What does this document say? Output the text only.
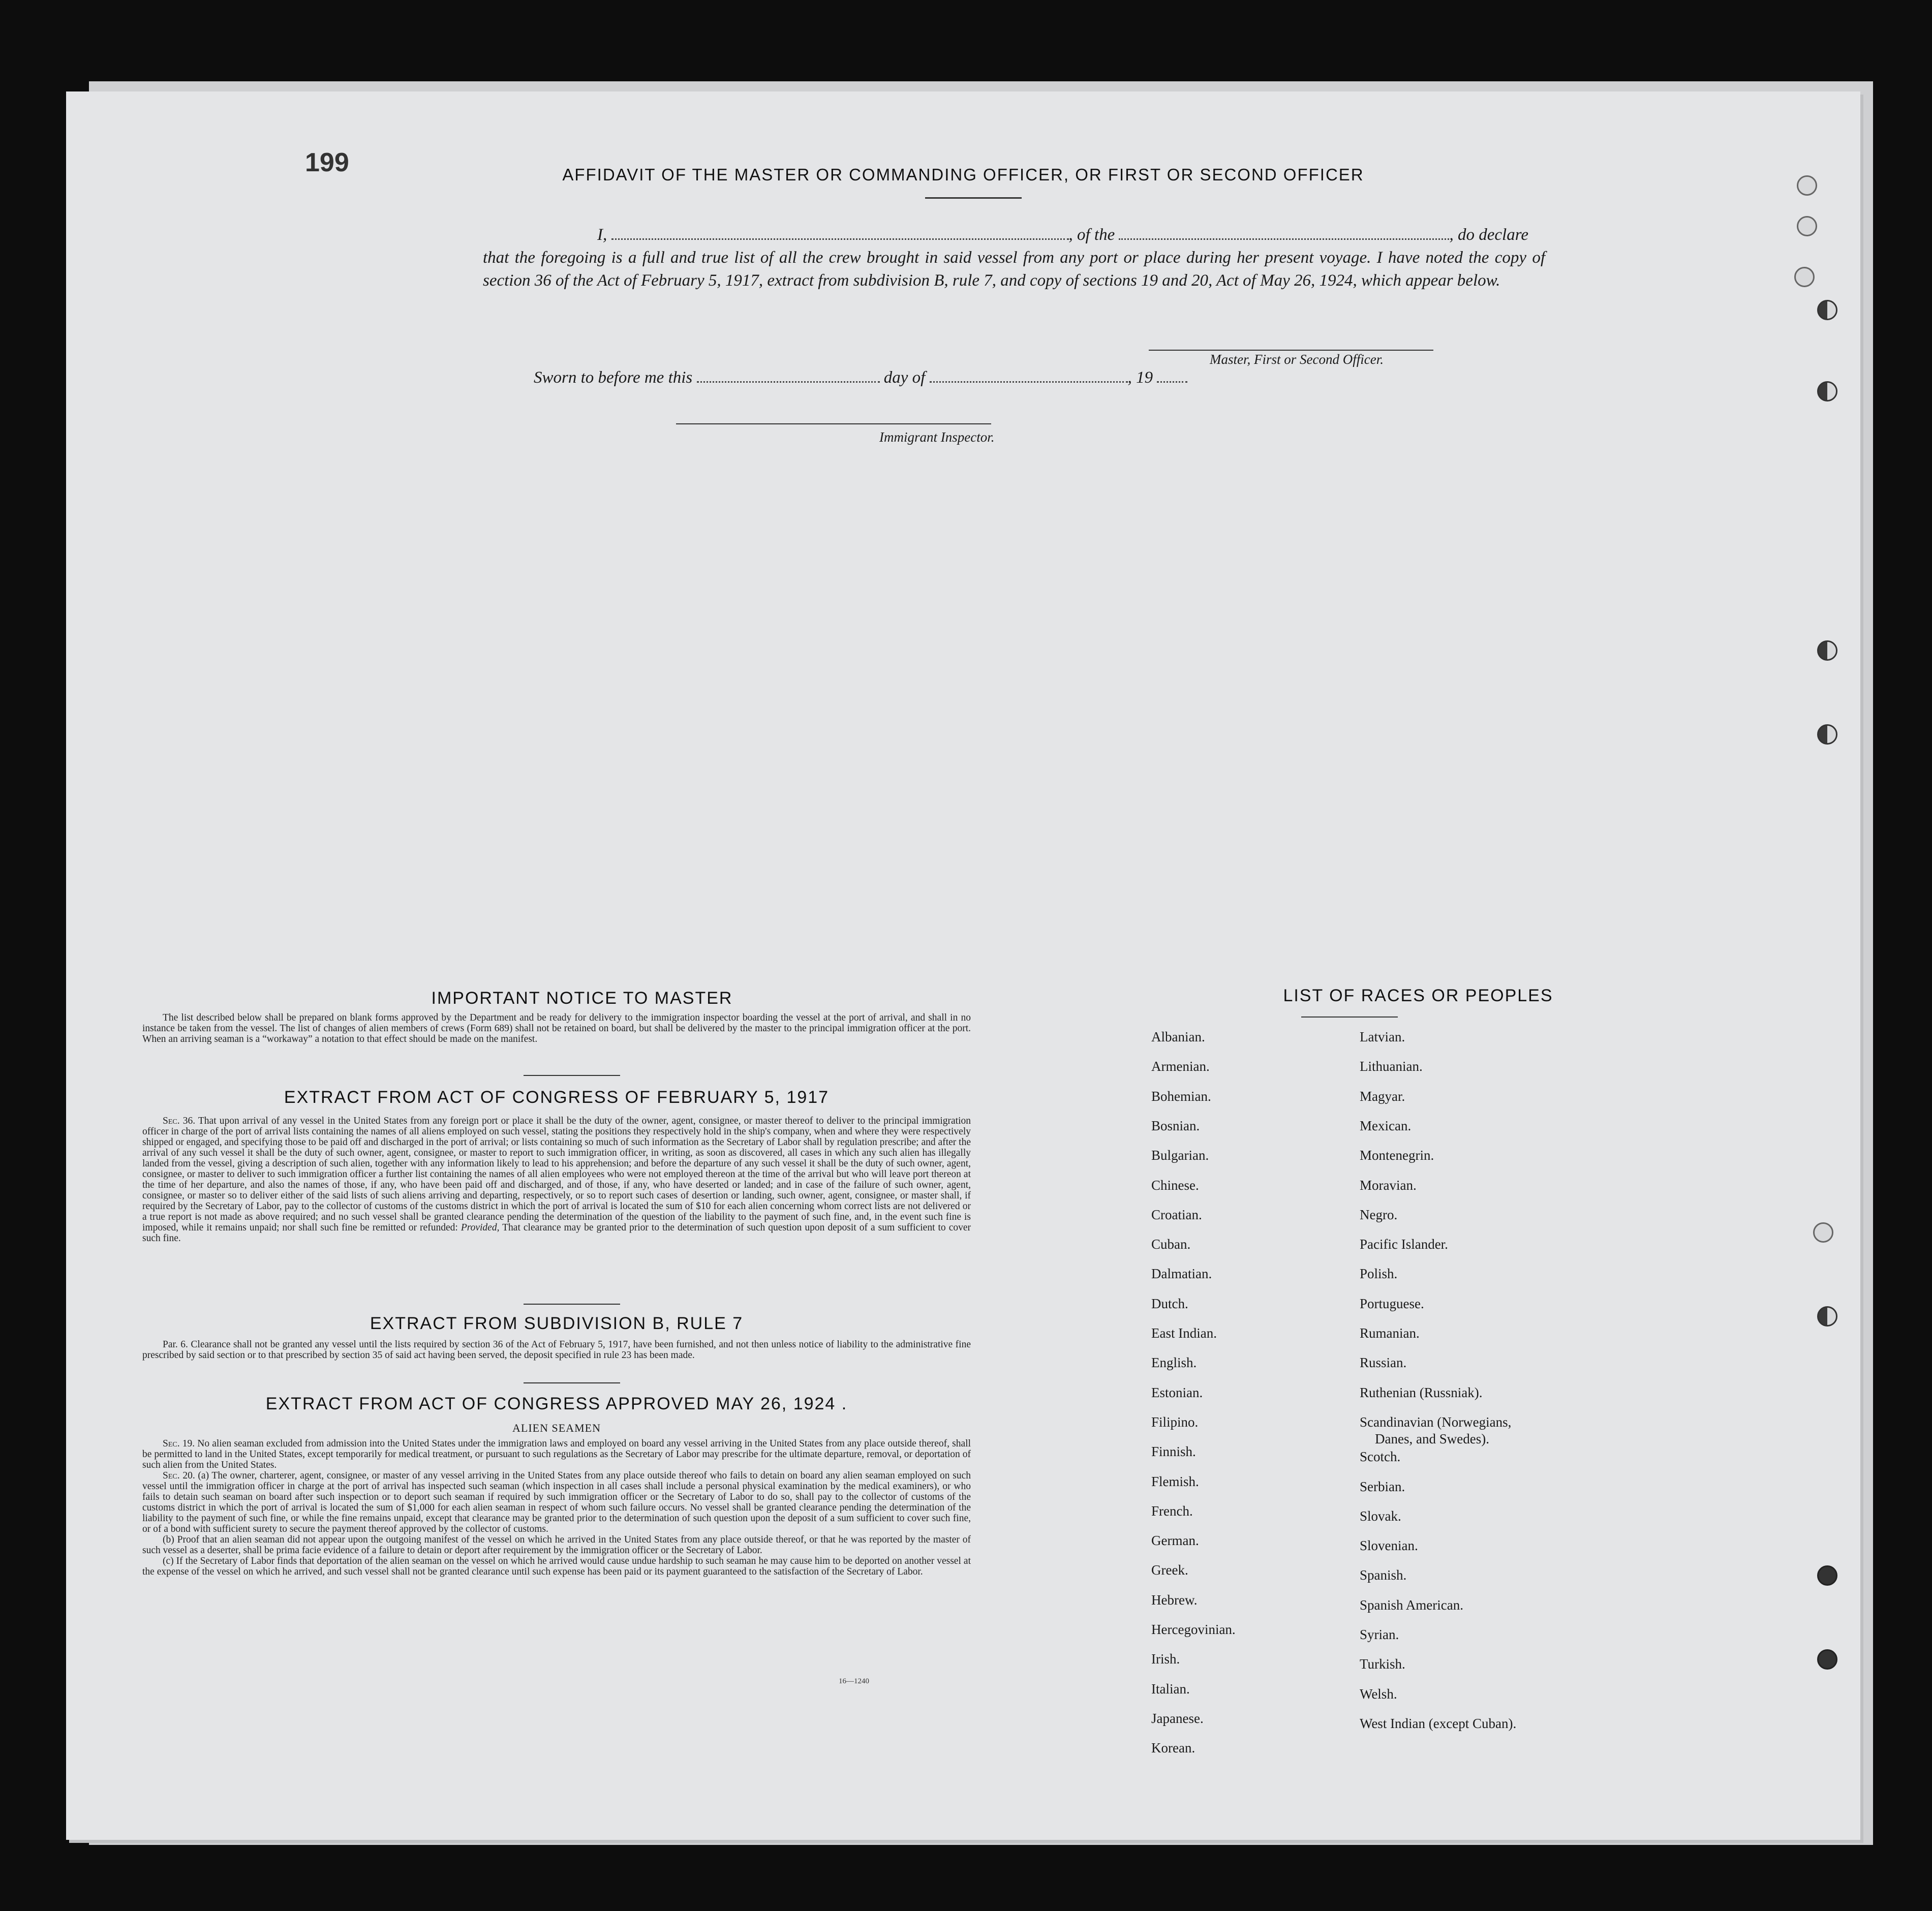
199	AFFIDAVIT OF THE MASTER OR COMMANDING OFFICER, OR FIRST OR SECOND OFFICER
I,	, of the	, do declare
that the foregoing is a full and true list of all the crew brought in said vessel from any port or place during her present voyage. I have noted the copy of section 36 of the Act of February 5, 1917, extract from subdivision B, rule 7, and copy of sections 19 and 20, Act of May 26, 1924, which appear below.
Master, First or Second Officer.
Sworn to before me this	day of	, 19
Immigrant Inspector.
IMPORTANT NOTICE TO MASTER

The list described below shall be prepared on blank forms approved by the Department and be ready for delivery to the immigration inspector boarding the vessel at the port of arrival, and shall in no instance be taken from the vessel. The list of changes of alien members of crews (Form 689) shall not be retained on board, but shall be delivered by the master to the principal immigration officer at the port. When an arriving seaman is a “workaway” a notation to that effect should be made on the manifest.

EXTRACT FROM ACT OF CONGRESS OF FEBRUARY 5, 1917

Sec. 36. That upon arrival of any vessel in the United States from any foreign port or place it shall be the duty of the owner, agent, consignee, or master thereof to deliver to the principal immigration officer in charge of the port of arrival lists containing the names of all aliens employed on such vessel, stating the positions they respectively hold in the ship's company, when and where they were respectively shipped or engaged, and specifying those to be paid off and discharged in the port of arrival; or lists containing so much of such information as the Secretary of Labor shall by regulation prescribe; and after the arrival of any such vessel it shall be the duty of such owner, agent, consignee, or master to report to such immigration officer, in writing, as soon as discovered, all cases in which any such alien has illegally landed from the vessel, giving a description of such alien, together with any information likely to lead to his apprehension; and before the departure of any such vessel it shall be the duty of such owner, agent, consignee, or master to deliver to such immigration officer a further list containing the names of all alien employees who were not employed thereon at the time of the arrival but who will leave port thereon at the time of her departure, and also the names of those, if any, who have been paid off and discharged, and of those, if any, who have deserted or landed; and in case of the failure of such owner, agent, consignee, or master so to deliver either of the said lists of such aliens arriving and departing, respectively, or so to report such cases of desertion or landing, such owner, agent, consignee, or master shall, if required by the Secretary of Labor, pay to the collector of customs of the customs district in which the port of arrival is located the sum of $10 for each alien concerning whom correct lists are not delivered or a true report is not made as above required; and no such vessel shall be granted clearance pending the determination of the question of the liability to the payment of such fine, and, in the event such fine is imposed, while it remains unpaid; nor shall such fine be remitted or refunded: Provided, That clearance may be granted prior to the determination of such question upon deposit of a sum sufficient to cover such fine.

EXTRACT FROM SUBDIVISION B, RULE 7

Par. 6. Clearance shall not be granted any vessel until the lists required by section 36 of the Act of February 5, 1917, have been furnished, and not then unless notice of liability to the administrative fine prescribed by said section or to that prescribed by section 35 of said act having been served, the deposit specified in rule 23 has been made.

EXTRACT FROM ACT OF CONGRESS APPROVED MAY 26, 1924 .
ALIEN SEAMEN

Sec. 19. No alien seaman excluded from admission into the United States under the immigration laws and employed on board any vessel arriving in the United States from any place outside thereof, shall be permitted to land in the United States, except temporarily for medical treatment, or pursuant to such regulations as the Secretary of Labor may prescribe for the ultimate departure, removal, or deportation of such alien from the United States.

Sec. 20. (a) The owner, charterer, agent, consignee, or master of any vessel arriving in the United States from any place outside thereof who fails to detain on board any alien seaman employed on such vessel until the immigration officer in charge at the port of arrival has inspected such seaman (which inspection in all cases shall include a personal physical examination by the medical examiners), or who fails to detain such seaman on board after such inspection or to deport such seaman if required by such immigration officer or the Secretary of Labor to do so, shall pay to the collector of customs of the customs district in which the port of arrival is located the sum of $1,000 for each alien seaman in respect of whom such failure occurs. No vessel shall be granted clearance pending the determination of the liability to the payment of such fine, or while the fine remains unpaid, except that clearance may be granted prior to the determination of such question upon the deposit of a sum sufficient to cover such fine, or of a bond with sufficient surety to secure the payment thereof approved by the collector of customs.

(b) Proof that an alien seaman did not appear upon the outgoing manifest of the vessel on which he arrived in the United States from any place outside thereof, or that he was reported by the master of such vessel as a deserter, shall be prima facie evidence of a failure to detain or deport after requirement by the immigration officer or the Secretary of Labor.

(c) If the Secretary of Labor finds that deportation of the alien seaman on the vessel on which he arrived would cause undue hardship to such seaman he may cause him to be deported on another vessel at the expense of the vessel on which he arrived, and such vessel shall not be granted clearance until such expense has been paid or its payment guaranteed to the satisfaction of the Secretary of Labor.

16—1240
LIST OF RACES OR PEOPLES
Albanian.
Armenian.
Bohemian.
Bosnian.
Bulgarian.
Chinese.
Croatian.
Cuban.
Dalmatian.
Dutch.
East Indian.
English.
Estonian.
Filipino.
Finnish.
Flemish.
French.
German.
Greek.
Hebrew.
Hercegovinian.
Irish.
Italian.
Japanese.
Korean.
Latvian.
Lithuanian.
Magyar.
Mexican.
Montenegrin.
Moravian.
Negro.
Pacific Islander.
Polish.
Portuguese.
Rumanian.
Russian.
Ruthenian (Russniak).
Scandinavian (Norwegians,
Danes, and Swedes).
Scotch.
Serbian.
Slovak.
Slovenian.
Spanish.
Spanish American.
Syrian.
Turkish.
Welsh.
West Indian (except Cuban).
